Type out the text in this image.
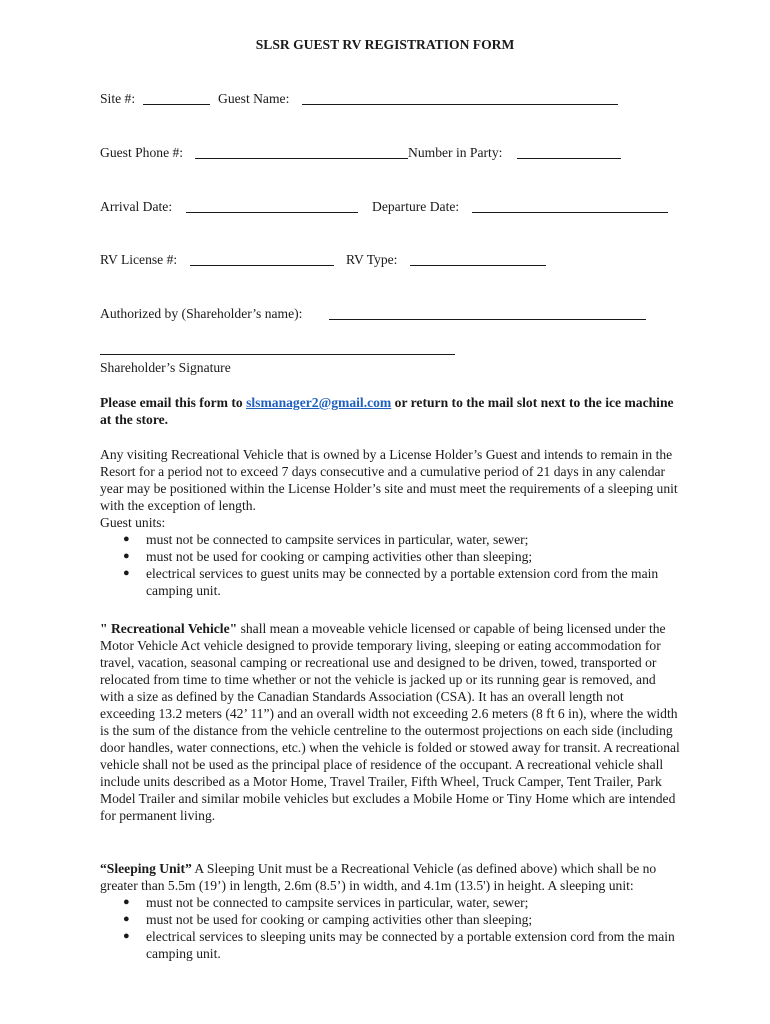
SLSR GUEST RV REGISTRATION FORM
Site #:	Guest Name:
Guest Phone #:	Number in Party:
Arrival Date:	Departure Date:
RV License #:	RV Type:
Authorized by (Shareholder’s name):
Shareholder’s Signature
Please email this form to slsmanager2@gmail.com or return to the mail slot next to the ice machine at the store.
Any visiting Recreational Vehicle that is owned by a License Holder’s Guest and intends to remain in the Resort for a period not to exceed 7 days consecutive and a cumulative period of 21 days in any calendar year may be positioned within the License Holder’s site and must meet the requirements of a sleeping unit with the exception of length.
Guest units:
● must not be connected to campsite services in particular, water, sewer;
● must not be used for cooking or camping activities other than sleeping;
● electrical services to guest units may be connected by a portable extension cord from the main camping unit.
" Recreational Vehicle" shall mean a moveable vehicle licensed or capable of being licensed under the Motor Vehicle Act vehicle designed to provide temporary living, sleeping or eating accommodation for travel, vacation, seasonal camping or recreational use and designed to be driven, towed, transported or relocated from time to time whether or not the vehicle is jacked up or its running gear is removed, and with a size as defined by the Canadian Standards Association (CSA). It has an overall length not exceeding 13.2 meters (42’ 11”) and an overall width not exceeding 2.6 meters (8 ft 6 in), where the width is the sum of the distance from the vehicle centreline to the outermost projections on each side (including door handles, water connections, etc.) when the vehicle is folded or stowed away for transit. A recreational vehicle shall not be used as the principal place of residence of the occupant. A recreational vehicle shall include units described as a Motor Home, Travel Trailer, Fifth Wheel, Truck Camper, Tent Trailer, Park Model Trailer and similar mobile vehicles but excludes a Mobile Home or Tiny Home which are intended for permanent living.
“Sleeping Unit” A Sleeping Unit must be a Recreational Vehicle (as defined above) which shall be no greater than 5.5m (19’) in length, 2.6m (8.5’) in width, and 4.1m (13.5') in height. A sleeping unit:
● must not be connected to campsite services in particular, water, sewer;
● must not be used for cooking or camping activities other than sleeping;
● electrical services to sleeping units may be connected by a portable extension cord from the main camping unit.
